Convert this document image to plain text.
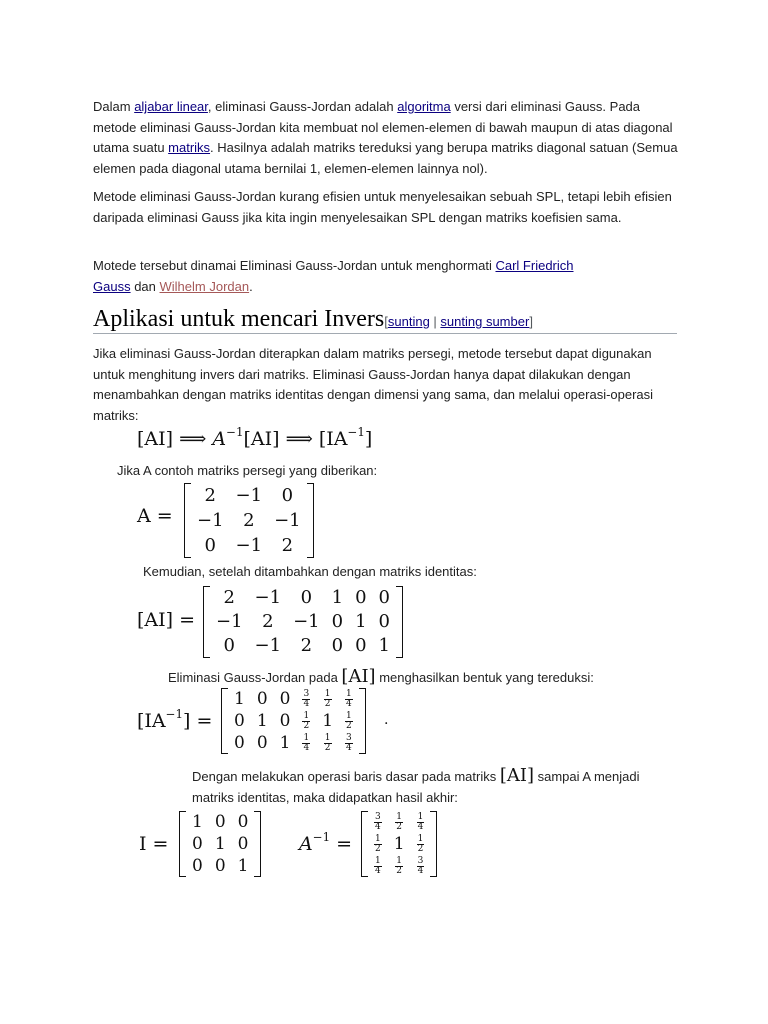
Dalam aljabar linear, eliminasi Gauss-Jordan adalah algoritma versi dari eliminasi Gauss. Pada metode eliminasi Gauss-Jordan kita membuat nol elemen-elemen di bawah maupun di atas diagonal utama suatu matriks. Hasilnya adalah matriks tereduksi yang berupa matriks diagonal satuan (Semua elemen pada diagonal utama bernilai 1, elemen-elemen lainnya nol).
Metode eliminasi Gauss-Jordan kurang efisien untuk menyelesaikan sebuah SPL, tetapi lebih efisien daripada eliminasi Gauss jika kita ingin menyelesaikan SPL dengan matriks koefisien sama.
Motede tersebut dinamai Eliminasi Gauss-Jordan untuk menghormati Carl Friedrich Gauss dan Wilhelm Jordan.
Aplikasi untuk mencari Invers[sunting | sunting sumber]
Jika eliminasi Gauss-Jordan diterapkan dalam matriks persegi, metode tersebut dapat digunakan untuk menghitung invers dari matriks. Eliminasi Gauss-Jordan hanya dapat dilakukan dengan menambahkan dengan matriks identitas dengan dimensi yang sama, dan melalui operasi-operasi matriks:
[AI] ⟹ $A^{-1}[AI]$ ⟹ $[IA^{-1}]$
Jika A contoh matriks persegi yang diberikan:
A =
2	−1	0
−1	2	−1
0	−1	2
Kemudian, setelah ditambahkan dengan matriks identitas:
[AI] =
2	−1	0	1	0	0
−1	2	−1	0	1	0
0	−1	2	0	0	1
Eliminasi Gauss-Jordan pada [AI] menghasilkan bentuk yang tereduksi:
$[IA^{-1}]$ =
1	0	0	$\frac{3}{4}$	$\frac{1}{2}$	$\frac{1}{4}$

0	1	0	$\frac{1}{2}$	1	$\frac{1}{2}$

0	0	1	$\frac{1}{4}$	$\frac{1}{2}$	$\frac{3}{4}$
.
Dengan melakukan operasi baris dasar pada matriks [AI] sampai A menjadi matriks identitas, maka didapatkan hasil akhir:
I =
1	0	0
0	1	0
0	0	1
$A^{-1}$ =
$\frac{3}{4}$	$\frac{1}{2}$	$\frac{1}{4}$

$\frac{1}{2}$	1	$\frac{1}{2}$

$\frac{1}{4}$	$\frac{1}{2}$	$\frac{3}{4}$
